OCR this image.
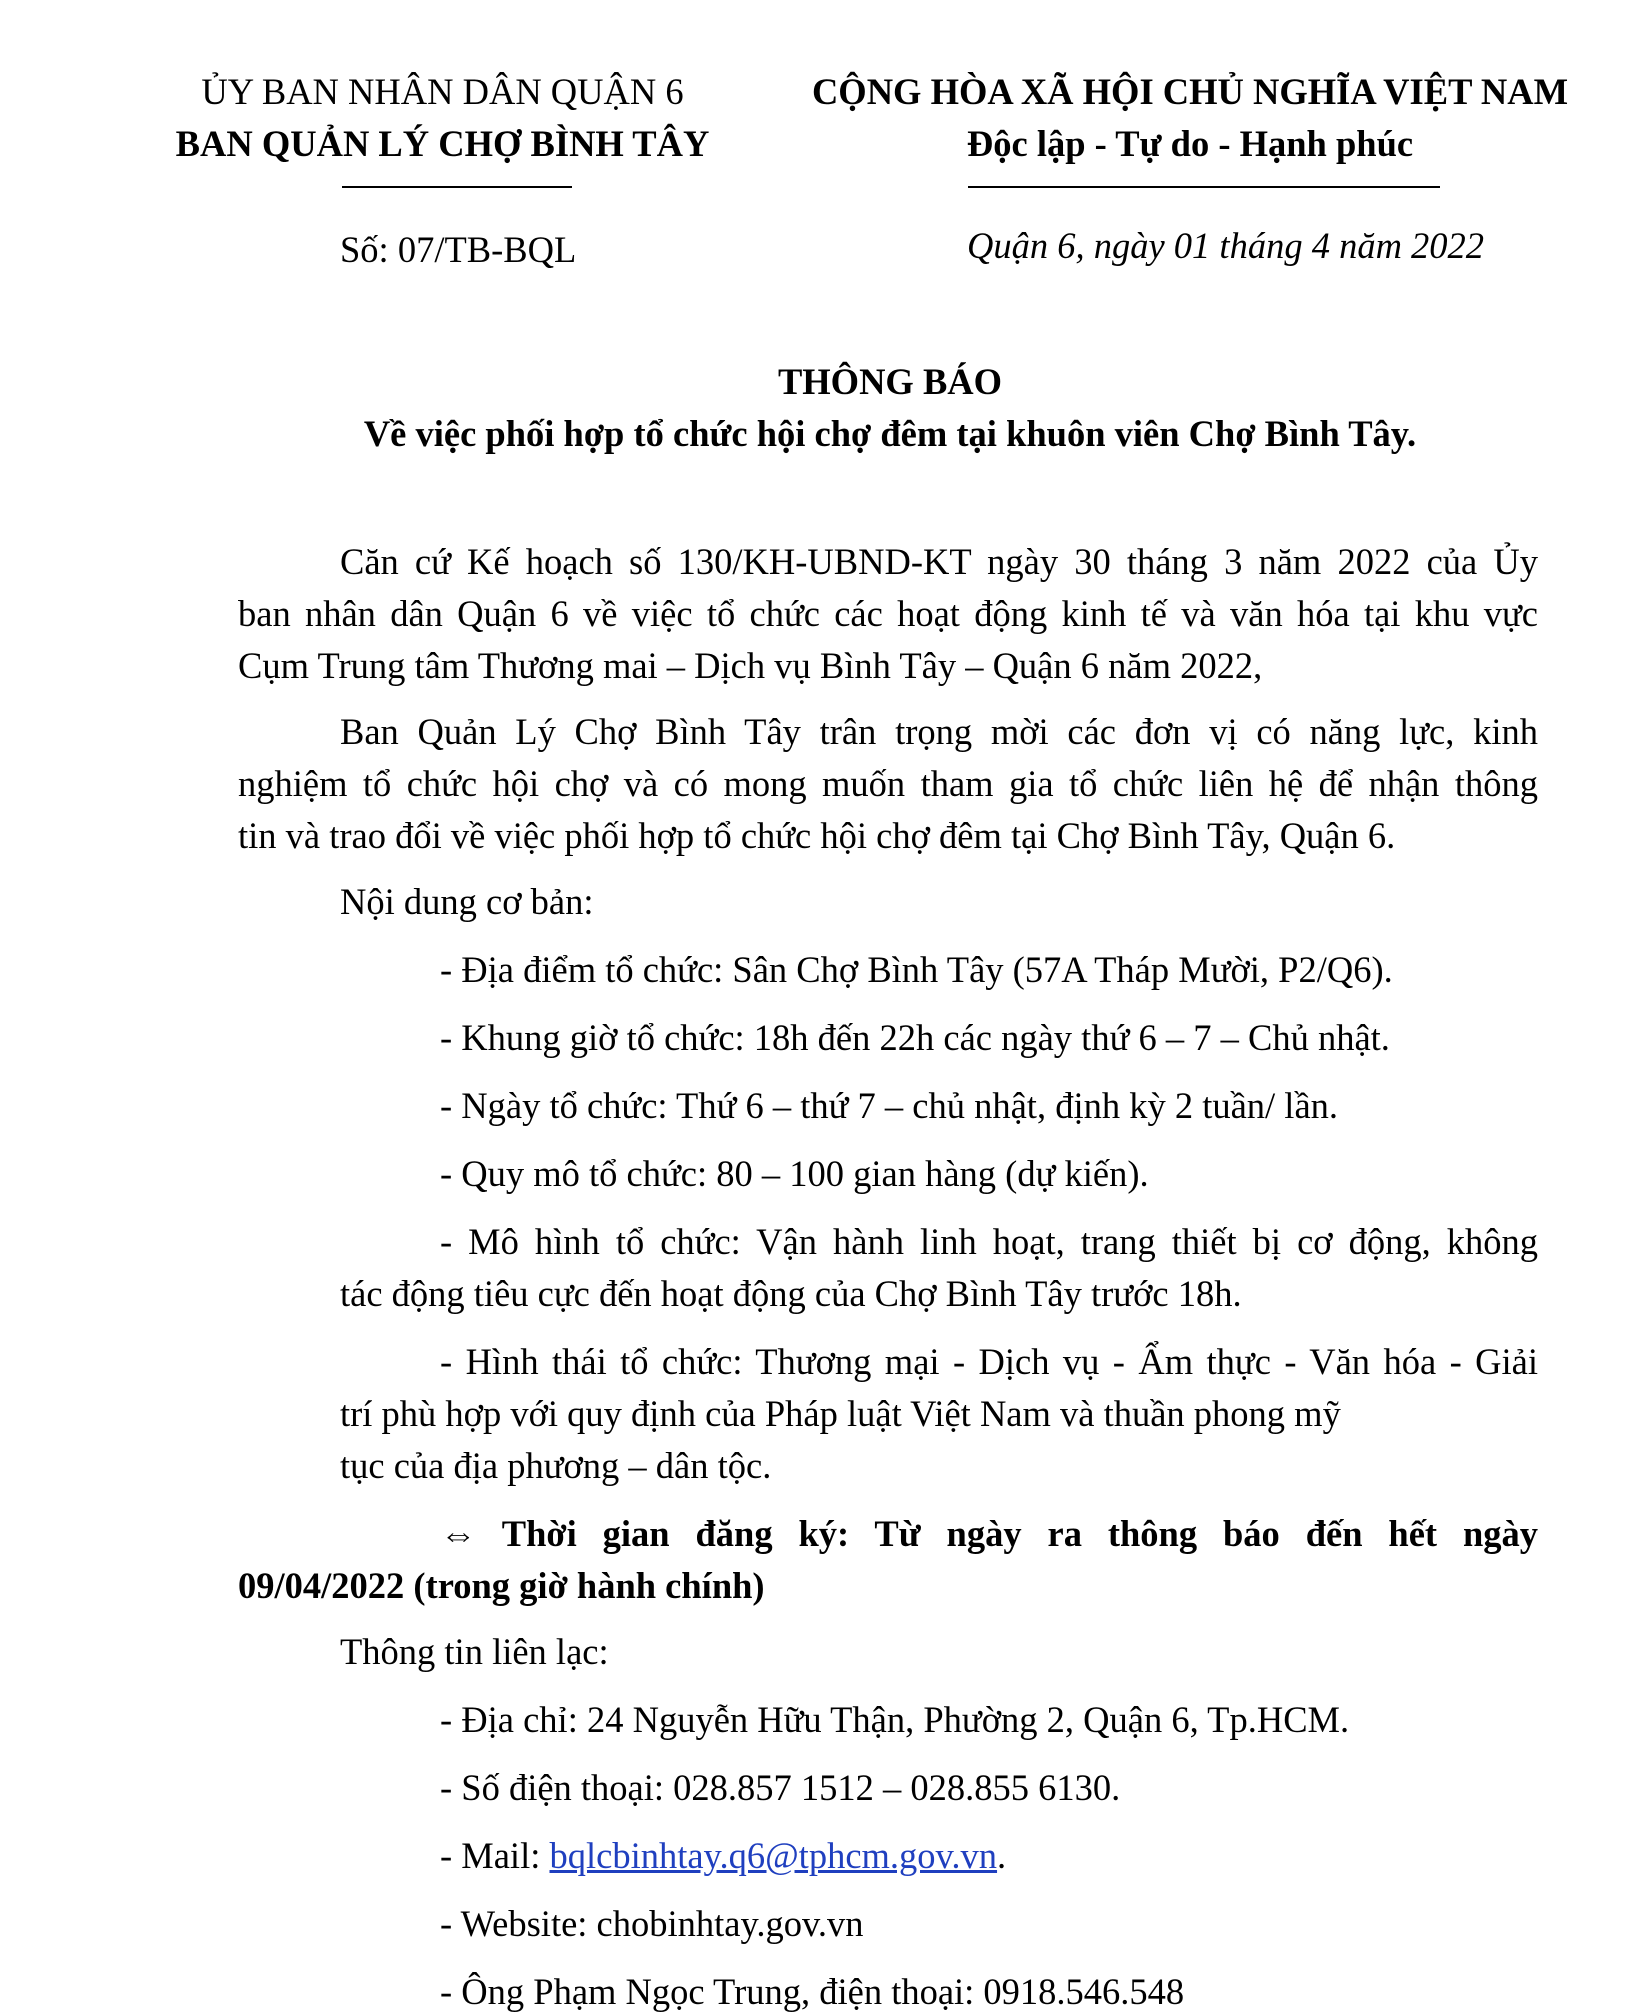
ỦY BAN NHÂN DÂN QUẬN 6
BAN QUẢN LÝ CHỢ BÌNH TÂY
CỘNG HÒA XÃ HỘI CHỦ NGHĨA VIỆT NAM
Độc lập - Tự do - Hạnh phúc
Số: 07/TB-BQL	Quận 6, ngày 01 tháng 4 năm 2022
THÔNG BÁO
Về việc phối hợp tổ chức hội chợ đêm tại khuôn viên Chợ Bình Tây.
Căn cứ Kế hoạch số 130/KH-UBND-KT ngày 30 tháng 3 năm 2022 của Ủy
ban nhân dân Quận 6 về việc tổ chức các hoạt động kinh tế và văn hóa tại khu vực
Cụm Trung tâm Thương mai – Dịch vụ Bình Tây – Quận 6 năm 2022,
Ban Quản Lý Chợ Bình Tây trân trọng mời các đơn vị có năng lực, kinh
nghiệm tổ chức hội chợ và có mong muốn tham gia tổ chức liên hệ để nhận thông
tin và trao đổi về việc phối hợp tổ chức hội chợ đêm tại Chợ Bình Tây, Quận 6.
Nội dung cơ bản:
- Địa điểm tổ chức: Sân Chợ Bình Tây (57A Tháp Mười, P2/Q6).
- Khung giờ tổ chức: 18h đến 22h các ngày thứ 6 – 7 – Chủ nhật.
- Ngày tổ chức: Thứ 6 – thứ 7 – chủ nhật, định kỳ 2 tuần/ lần.
- Quy mô tổ chức: 80 – 100 gian hàng (dự kiến).
- Mô hình tổ chức: Vận hành linh hoạt, trang thiết bị cơ động, không
tác động tiêu cực đến hoạt động của Chợ Bình Tây trước 18h.
- Hình thái tổ chức: Thương mại - Dịch vụ - Ẩm thực - Văn hóa - Giải
trí phù hợp với quy định của Pháp luật Việt Nam và thuần phong mỹ
tục của địa phương – dân tộc.
⇔ Thời gian đăng ký: Từ ngày ra thông báo đến hết ngày
09/04/2022 (trong giờ hành chính)
Thông tin liên lạc:
- Địa chỉ: 24 Nguyễn Hữu Thận, Phường 2, Quận 6, Tp.HCM.
- Số điện thoại: 028.857 1512 – 028.855 6130.
- Mail: bqlcbinhtay.q6@tphcm.gov.vn.
- Website: chobinhtay.gov.vn
- Ông Phạm Ngọc Trung, điện thoại: 0918.546.548
